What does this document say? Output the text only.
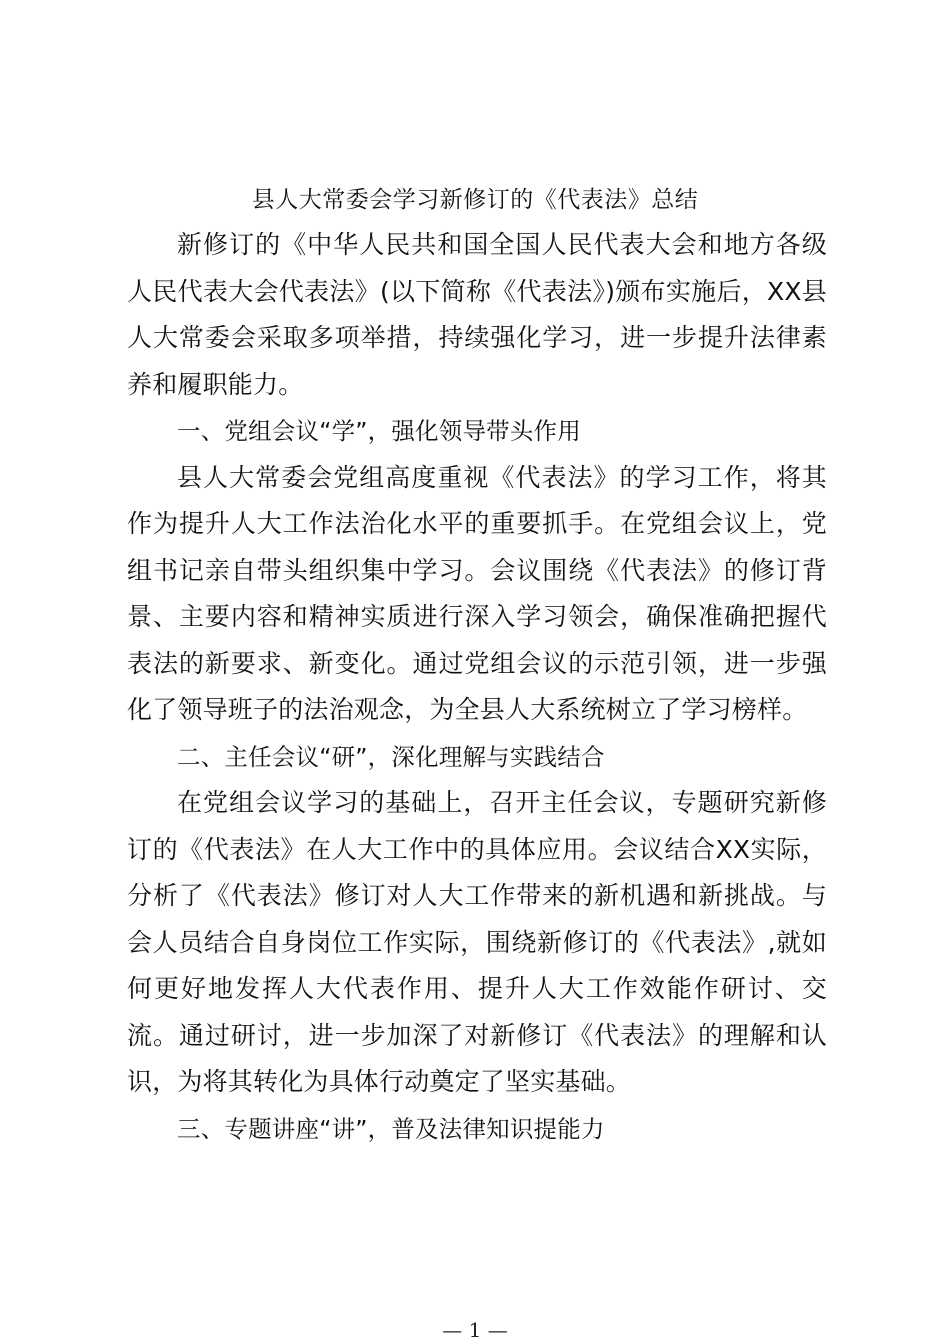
县人大常委会学习新修订的《代表法》总结

新修订的《中华人民共和国全国人民代表大会和地方各级人民代表大会代表法》(以下简称《代表法》)颁布实施后，XX县人大常委会采取多项举措，持续强化学习，进一步提升法律素养和履职能力。

一、党组会议“学”，强化领导带头作用

县人大常委会党组高度重视《代表法》的学习工作，将其作为提升人大工作法治化水平的重要抓手。在党组会议上，党组书记亲自带头组织集中学习。会议围绕《代表法》的修订背景、主要内容和精神实质进行深入学习领会，确保准确把握代表法的新要求、新变化。通过党组会议的示范引领，进一步强化了领导班子的法治观念，为全县人大系统树立了学习榜样。

二、主任会议“研”，深化理解与实践结合

在党组会议学习的基础上，召开主任会议，专题研究新修订的《代表法》在人大工作中的具体应用。会议结合XX实际，分析了《代表法》修订对人大工作带来的新机遇和新挑战。与会人员结合自身岗位工作实际，围绕新修订的《代表法》,就如何更好地发挥人大代表作用、提升人大工作效能作研讨、交流。通过研讨，进一步加深了对新修订《代表法》的理解和认识，为将其转化为具体行动奠定了坚实基础。

三、专题讲座“讲”，普及法律知识提能力

— 1 —
